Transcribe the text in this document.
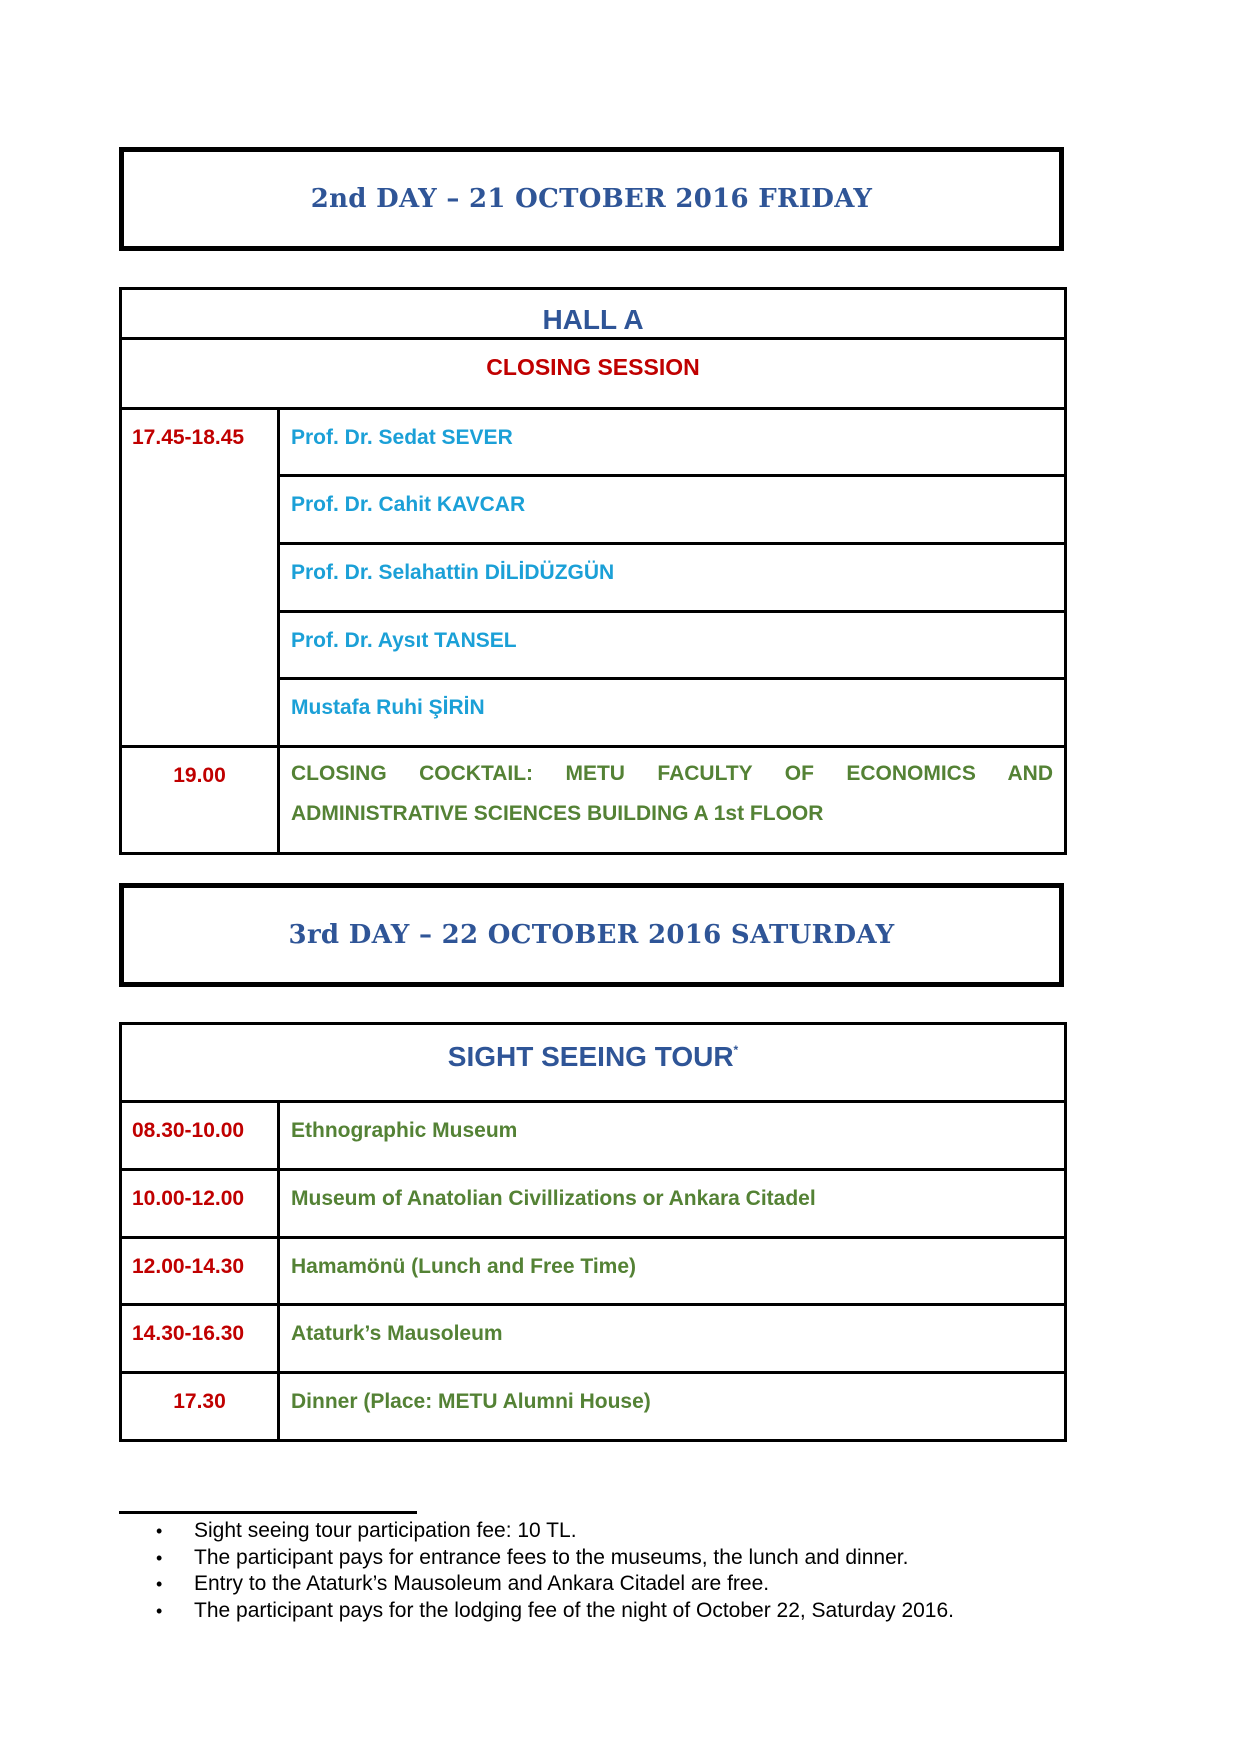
2nd DAY – 21 OCTOBER 2016 FRIDAY
HALL A	
CLOSING SESSION	
17.45-18.45	Prof. Dr. Sedat SEVER
	Prof. Dr. Cahit KAVCAR
	Prof. Dr. Selahattin DİLİDÜZGÜN
	Prof. Dr. Aysıt TANSEL
	Mustafa Ruhi ŞİRİN
19.00	CLOSING COCKTAIL: METU FACULTY OF ECONOMICS AND ADMINISTRATIVE SCIENCES BUILDING A 1st FLOOR
3rd DAY – 22 OCTOBER 2016 SATURDAY
SIGHT SEEING TOUR*
08.30-10.00	Ethnographic Museum
10.00-12.00	Museum of Anatolian Civillizations or Ankara Citadel
12.00-14.30	Hamamönü (Lunch and Free Time)
14.30-16.30	Ataturk’s Mausoleum
17.30	Dinner (Place: METU Alumni House)
• Sight seeing tour participation fee: 10 TL.
• The participant pays for entrance fees to the museums, the lunch and dinner.
• Entry to the Ataturk’s Mausoleum and Ankara Citadel are free.
• The participant pays for the lodging fee of the night of October 22, Saturday 2016.
